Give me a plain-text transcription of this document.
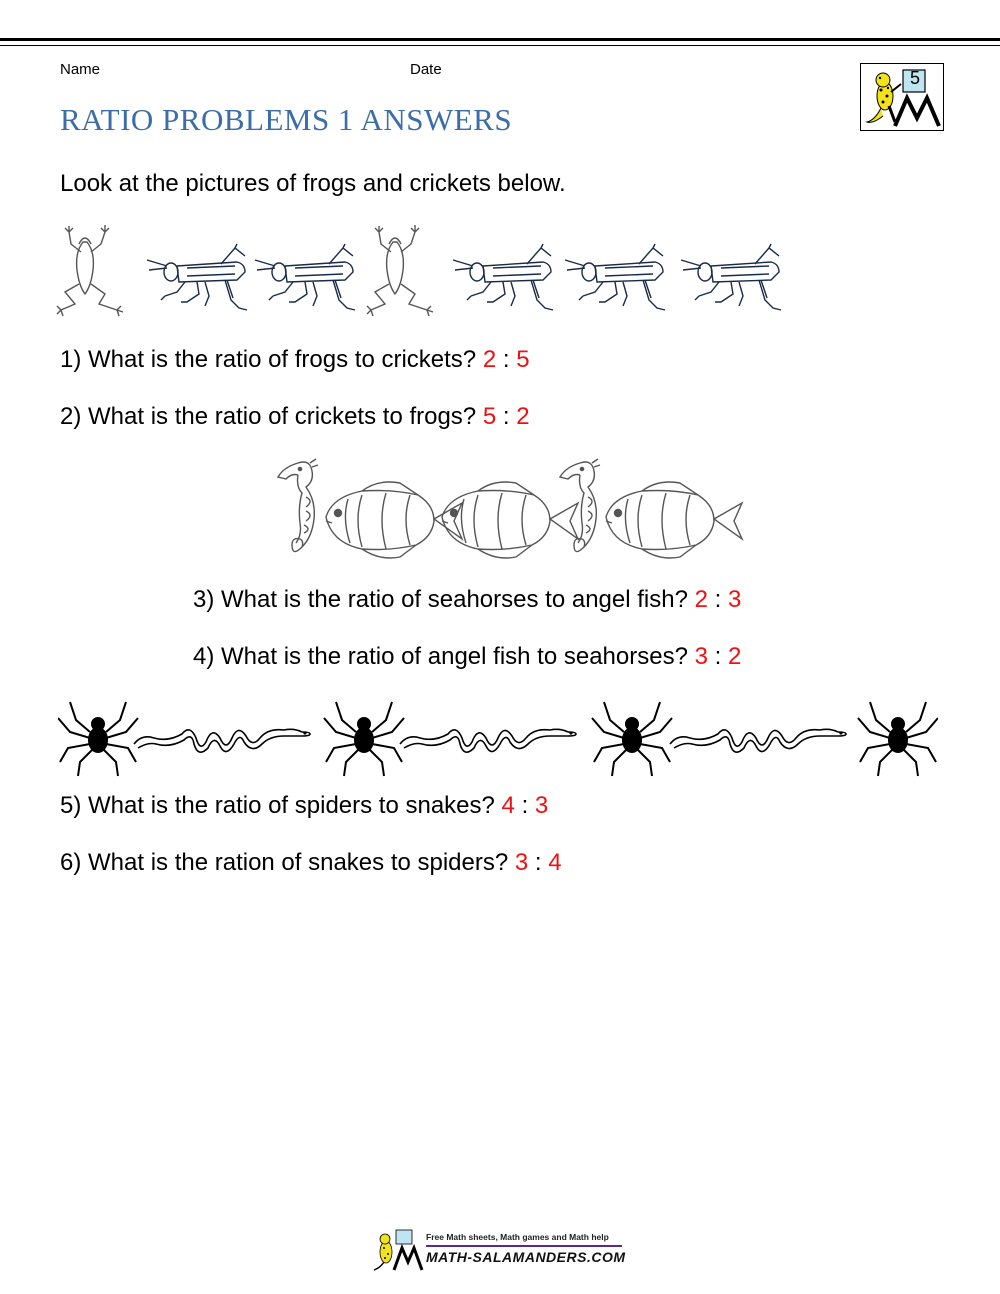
Name	Date	5
RATIO PROBLEMS 1 ANSWERS
Look at the pictures of frogs and crickets below.
1) What is the ratio of frogs to crickets? 2 : 5
2) What is the ratio of crickets to frogs? 5 : 2
3) What is the ratio of seahorses to angel fish? 2 : 3
4) What is the ratio of angel fish to seahorses? 3 : 2
5) What is the ratio of spiders to snakes? 4 : 3
6) What is the ration of snakes to spiders? 3 : 4
Free Math sheets, Math games and Math help
MATH-SALAMANDERS.COM
